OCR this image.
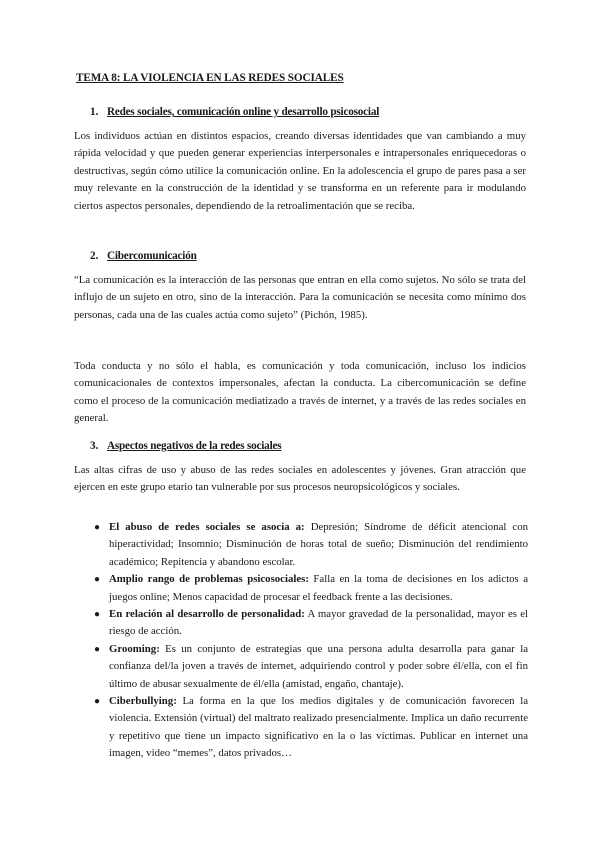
TEMA 8: LA VIOLENCIA EN LAS REDES SOCIALES
1. Redes sociales, comunicación online y desarrollo psicosocial

Los individuos actúan en distintos espacios, creando diversas identidades que van cambiando a muy rápida velocidad y que pueden generar experiencias interpersonales e intrapersonales enriquecedoras o destructivas, según cómo utilice la comunicación online. En la adolescencia el grupo de pares pasa a ser muy relevante en la construcción de la identidad y se transforma en un referente para ir modulando ciertos aspectos personales, dependiendo de la retroalimentación que se reciba.

2. Cibercomunicación

“La comunicación es la interacción de las personas que entran en ella como sujetos. No sólo se trata del influjo de un sujeto en otro, sino de la interacción. Para la comunicación se necesita como mínimo dos personas, cada una de las cuales actúa como sujeto” (Pichón, 1985).

Toda conducta y no sólo el habla, es comunicación y toda comunicación, incluso los indicios comunicacionales de contextos impersonales, afectan la conducta. La cibercomunicación se define como el proceso de la comunicación mediatizado a través de internet, y a través de las redes sociales en general.

3. Aspectos negativos de la redes sociales

Las altas cifras de uso y abuso de las redes sociales en adolescentes y jóvenes. Gran atracción que ejercen en este grupo etario tan vulnerable por sus procesos neuropsicológicos y sociales.

● El abuso de redes sociales se asocia a: Depresión; Síndrome de déficit atencional con hiperactividad; Insomnio; Disminución de horas total de sueño; Disminución del rendimiento académico; Repitencia y abandono escolar.
● Amplio rango de problemas psicosociales: Falla en la toma de decisiones en los adictos a juegos online; Menos capacidad de procesar el feedback frente a las decisiones.
● En relación al desarrollo de personalidad: A mayor gravedad de la personalidad, mayor es el riesgo de acción.
● Grooming: Es un conjunto de estrategias que una persona adulta desarrolla para ganar la confianza del/la joven a través de internet, adquiriendo control y poder sobre él/ella, con el fin último de abusar sexualmente de él/ella (amistad, engaño, chantaje).
● Ciberbullying: La forma en la que los medios digitales y de comunicación favorecen la violencia. Extensión (virtual) del maltrato realizado presencialmente. Implica un daño recurrente y repetitivo que tiene un impacto significativo en la o las víctimas. Publicar en internet una imagen, video “memes”, datos privados…
